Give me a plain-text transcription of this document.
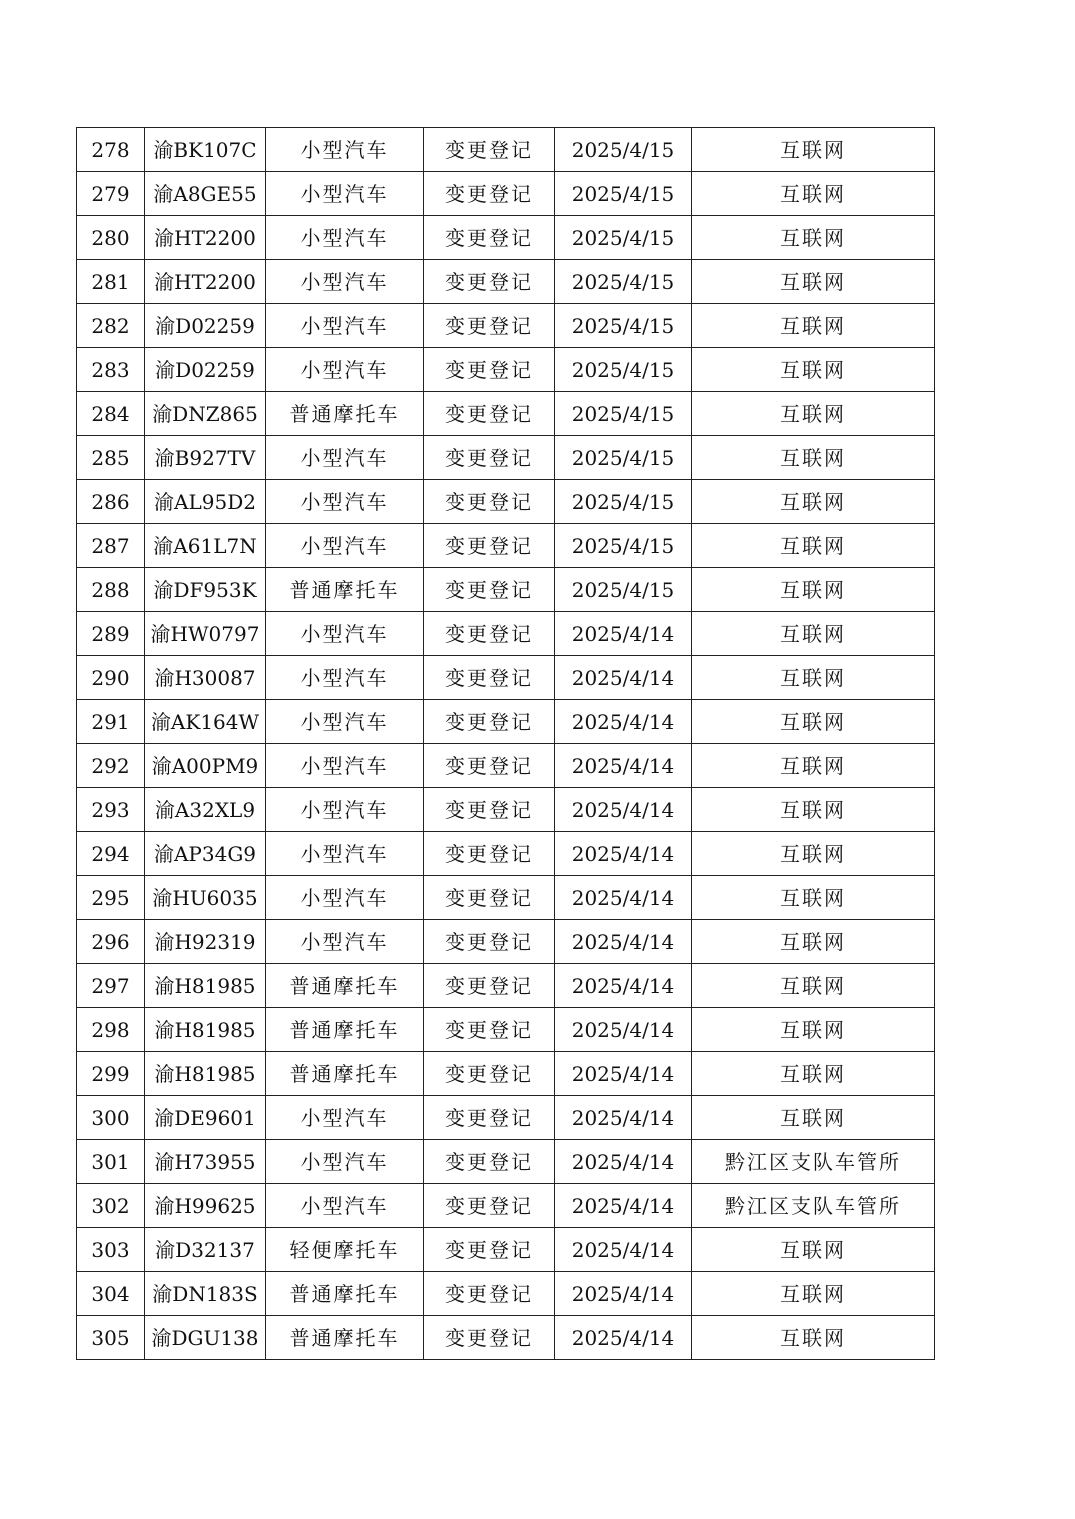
278	渝BK107C	小型汽车	变更登记	2025/4/15	互联网
279	渝A8GE55	小型汽车	变更登记	2025/4/15	互联网
280	渝HT2200	小型汽车	变更登记	2025/4/15	互联网
281	渝HT2200	小型汽车	变更登记	2025/4/15	互联网
282	渝D02259	小型汽车	变更登记	2025/4/15	互联网
283	渝D02259	小型汽车	变更登记	2025/4/15	互联网
284	渝DNZ865	普通摩托车	变更登记	2025/4/15	互联网
285	渝B927TV	小型汽车	变更登记	2025/4/15	互联网
286	渝AL95D2	小型汽车	变更登记	2025/4/15	互联网
287	渝A61L7N	小型汽车	变更登记	2025/4/15	互联网
288	渝DF953K	普通摩托车	变更登记	2025/4/15	互联网
289	渝HW0797	小型汽车	变更登记	2025/4/14	互联网
290	渝H30087	小型汽车	变更登记	2025/4/14	互联网
291	渝AK164W	小型汽车	变更登记	2025/4/14	互联网
292	渝A00PM9	小型汽车	变更登记	2025/4/14	互联网
293	渝A32XL9	小型汽车	变更登记	2025/4/14	互联网
294	渝AP34G9	小型汽车	变更登记	2025/4/14	互联网
295	渝HU6035	小型汽车	变更登记	2025/4/14	互联网
296	渝H92319	小型汽车	变更登记	2025/4/14	互联网
297	渝H81985	普通摩托车	变更登记	2025/4/14	互联网
298	渝H81985	普通摩托车	变更登记	2025/4/14	互联网
299	渝H81985	普通摩托车	变更登记	2025/4/14	互联网
300	渝DE9601	小型汽车	变更登记	2025/4/14	互联网
301	渝H73955	小型汽车	变更登记	2025/4/14	黔江区支队车管所
302	渝H99625	小型汽车	变更登记	2025/4/14	黔江区支队车管所
303	渝D32137	轻便摩托车	变更登记	2025/4/14	互联网
304	渝DN183S	普通摩托车	变更登记	2025/4/14	互联网
305	渝DGU138	普通摩托车	变更登记	2025/4/14	互联网
